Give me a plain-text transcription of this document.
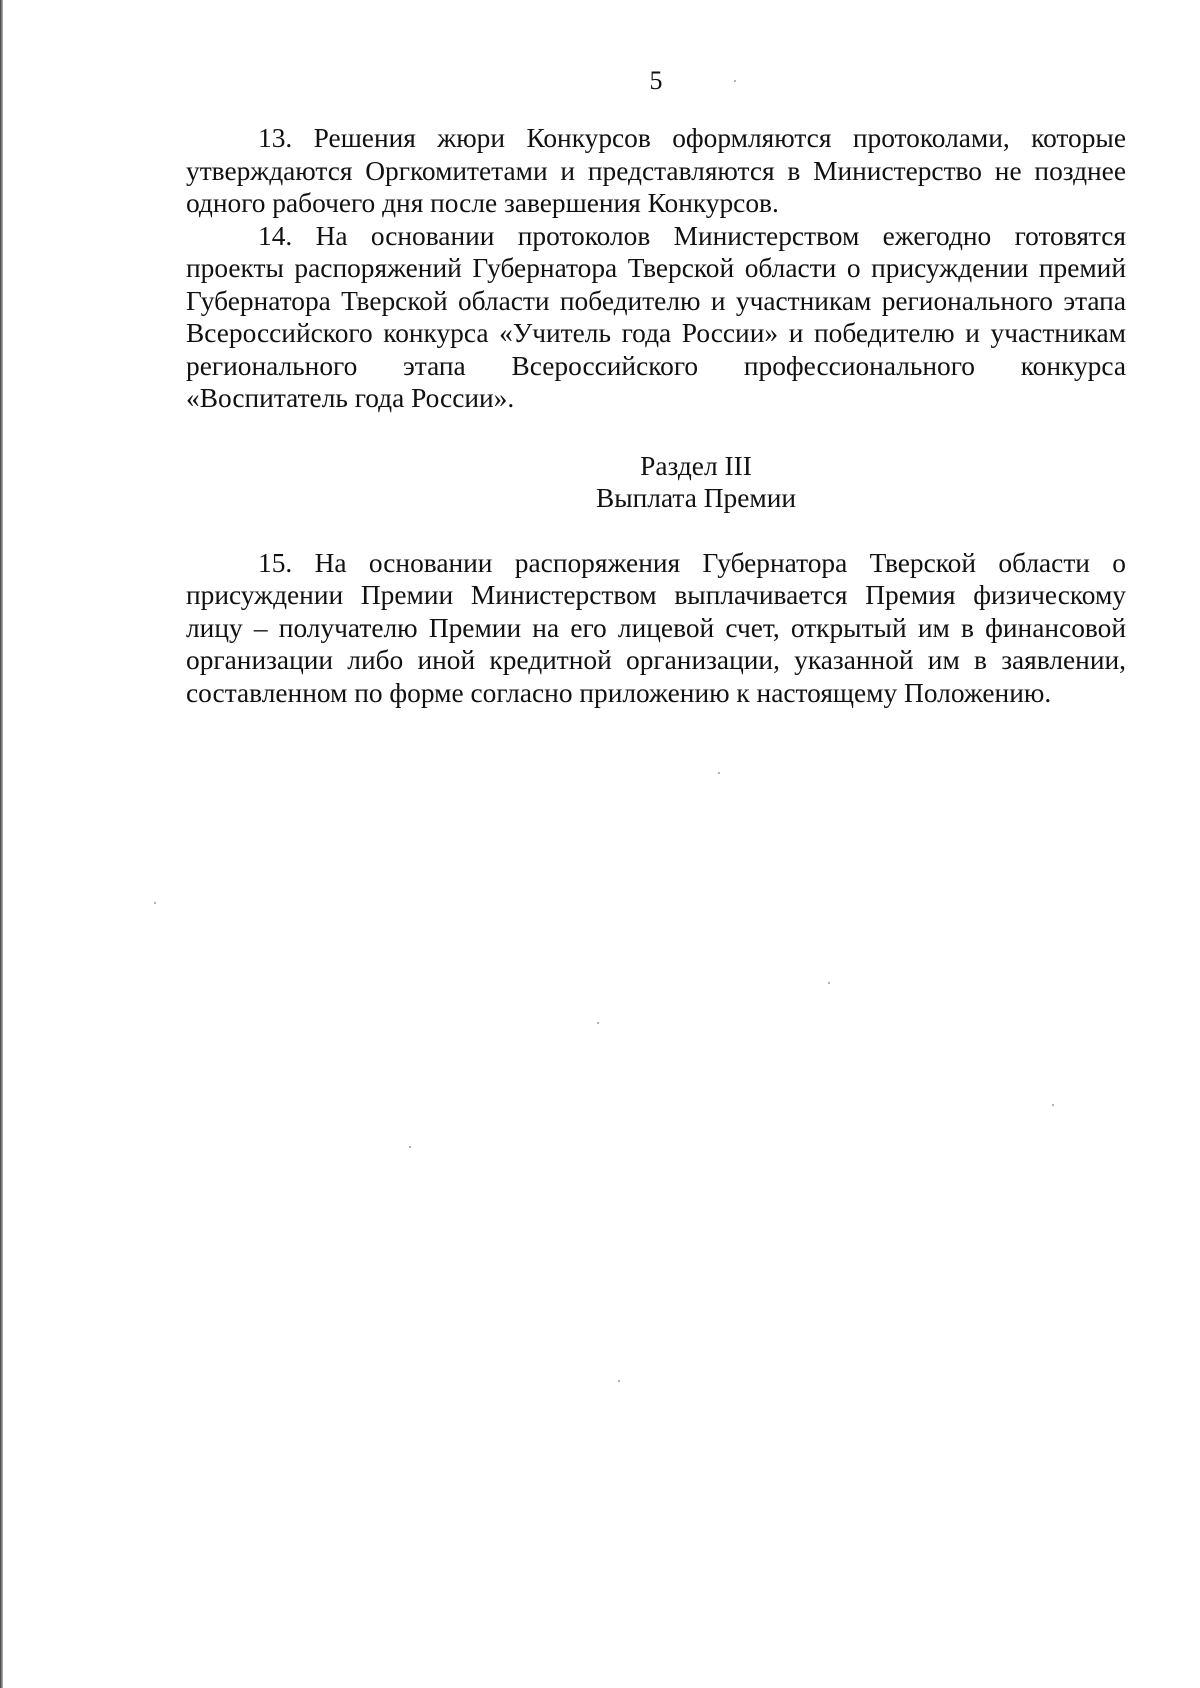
5

13. Решения жюри Конкурсов оформляются протоколами, которые утверждаются Оргкомитетами и представляются в Министерство не позднее одного рабочего дня после завершения Конкурсов.

14. На основании протоколов Министерством ежегодно готовятся проекты распоряжений Губернатора Тверской области о присуждении премий Губернатора Тверской области победителю и участникам регионального этапа Всероссийского конкурса «Учитель года России» и победителю и участникам регионального этапа Всероссийского профессионального конкурса «Воспитатель года России».

Раздел III

Выплата Премии

15. На основании распоряжения Губернатора Тверской области о присуждении Премии Министерством выплачивается Премия физическому лицу – получателю Премии на его лицевой счет, открытый им в финансовой организации либо иной кредитной организации, указанной им в заявлении, составленном по форме согласно приложению к настоящему Положению.
